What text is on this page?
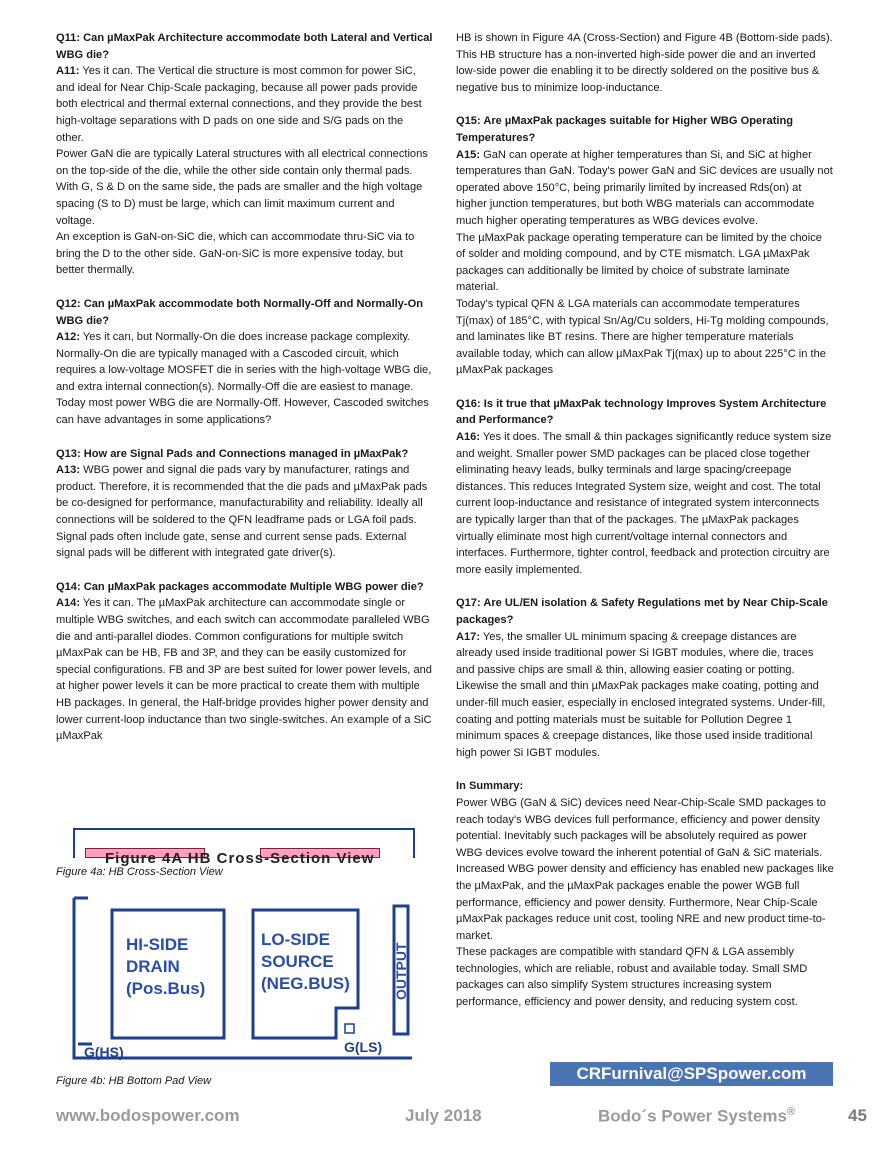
Q11: Can µMaxPak Architecture accommodate both Lateral and Vertical WBG die?

A11: Yes it can. The Vertical die structure is most common for power SiC, and ideal for Near Chip-Scale packaging, because all power pads provide both electrical and thermal external connections, and they provide the best high-voltage separations with D pads on one side and S/G pads on the other.

Power GaN die are typically Lateral structures with all electrical connections on the top-side of the die, while the other side contain only thermal pads. With G, S & D on the same side, the pads are smaller and the high voltage spacing (S to D) must be large, which can limit maximum current and voltage.

An exception is GaN-on-SiC die, which can accommodate thru-SiC via to bring the D to the other side. GaN-on-SiC is more expensive today, but better thermally.

Q12: Can µMaxPak accommodate both Normally-Off and Normally-On WBG die?

A12: Yes it can, but Normally-On die does increase package complexity. Normally-On die are typically managed with a Cascoded circuit, which requires a low-voltage MOSFET die in series with the high-voltage WBG die, and extra internal connection(s). Normally-Off die are easiest to manage. Today most power WBG die are Normally-Off. However, Cascoded switches can have advantages in some applications?

Q13: How are Signal Pads and Connections managed in µMaxPak?

A13: WBG power and signal die pads vary by manufacturer, ratings and product. Therefore, it is recommended that the die pads and µMaxPak pads be co-designed for performance, manufacturability and reliability. Ideally all connections will be soldered to the QFN leadframe pads or LGA foil pads. Signal pads often include gate, sense and current sense pads. External signal pads will be different with integrated gate driver(s).

Q14: Can µMaxPak packages accommodate Multiple WBG power die?

A14: Yes it can. The µMaxPak architecture can accommodate single or multiple WBG switches, and each switch can accommodate paralleled WBG die and anti-parallel diodes. Common configurations for multiple switch µMaxPak can be HB, FB and 3P, and they can be easily customized for special configurations. FB and 3P are best suited for lower power levels, and at higher power levels it can be more practical to create them with multiple HB packages. In general, the Half-bridge provides higher power density and lower current-loop inductance than two single-switches. An example of a SiC µMaxPak

HB is shown in Figure 4A (Cross-Section) and Figure 4B (Bottom-side pads). This HB structure has a non-inverted high-side power die and an inverted low-side power die enabling it to be directly soldered on the positive bus & negative bus to minimize loop-inductance.

Q15: Are µMaxPak packages suitable for Higher WBG Operating Temperatures?

A15: GaN can operate at higher temperatures than Si, and SiC at higher temperatures than GaN. Today's power GaN and SiC devices are usually not operated above 150°C, being primarily limited by increased Rds(on) at higher junction temperatures, but both WBG materials can accommodate much higher operating temperatures as WBG devices evolve.

The µMaxPak package operating temperature can be limited by the choice of solder and molding compound, and by CTE mismatch. LGA µMaxPak packages can additionally be limited by choice of substrate laminate material.

Today's typical QFN & LGA materials can accommodate temperatures Tj(max) of 185°C, with typical Sn/Ag/Cu solders, Hi-Tg molding compounds, and laminates like BT resins. There are higher temperature materials available today, which can allow µMaxPak Tj(max) up to about 225°C in the µMaxPak packages

Q16: Is it true that µMaxPak technology Improves System Architecture and Performance?

A16: Yes it does. The small & thin packages significantly reduce system size and weight. Smaller power SMD packages can be placed close together eliminating heavy leads, bulky terminals and large spacing/creepage distances. This reduces Integrated System size, weight and cost. The total current loop-inductance and resistance of integrated system interconnects are typically larger than that of the packages. The µMaxPak packages virtually eliminate most high current/voltage internal connectors and interfaces. Furthermore, tighter control, feedback and protection circuitry are more easily implemented.

Q17: Are UL/EN isolation & Safety Regulations met by Near Chip-Scale packages?

A17: Yes, the smaller UL minimum spacing & creepage distances are already used inside traditional power Si IGBT modules, where die, traces and passive chips are small & thin, allowing easier coating or potting. Likewise the small and thin µMaxPak packages make coating, potting and under-fill much easier, especially in enclosed integrated systems. Under-fill, coating and potting materials must be suitable for Pollution Degree 1 minimum spaces & creepage distances, like those used inside traditional high power Si IGBT modules.

In Summary:

Power WBG (GaN & SiC) devices need Near-Chip-Scale SMD packages to reach today's WBG devices full performance, efficiency and power density potential. Inevitably such packages will be absolutely required as power WBG devices evolve toward the inherent potential of GaN & SiC materials. Increased WBG power density and efficiency has enabled new packages like the µMaxPak, and the µMaxPak packages enable the power WGB full performance, efficiency and power density. Furthermore, Near Chip-Scale µMaxPak packages reduce unit cost, tooling NRE and new product time-to-market.

These packages are compatible with standard QFN & LGA assembly technologies, which are reliable, robust and available today. Small SMD packages can also simplify System structures increasing system performance, efficiency and power density, and reducing system cost.

Figure 4A HB Cross-Section View
Figure 4a: HB Cross-Section View
HI-SIDE
DRAIN
(Pos.Bus)
LO-SIDE
SOURCE
(NEG.BUS)	OUTPUT
G(HS)	G(LS)
Figure 4b: HB Bottom Pad View	CRFurnival@SPSpower.com
www.bodospower.com	July 2018	Bodo´s Power Systems®	45
